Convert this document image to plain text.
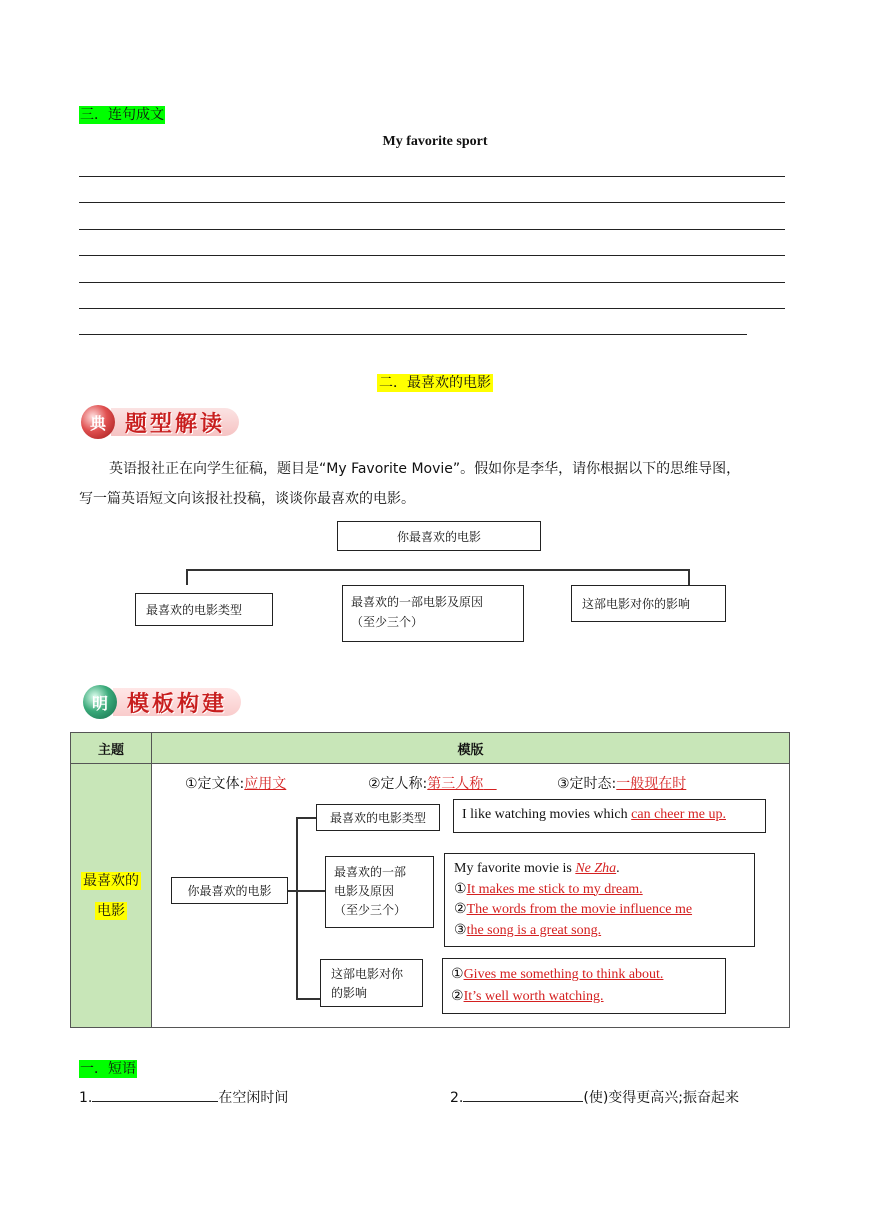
三．连句成文
My favorite sport
二．最喜欢的电影
题型解读
典
英语报社正在向学生征稿，题目是“My Favorite Movie”。假如你是李华，请你根据以下的思维导图，
写一篇英语短文向该报社投稿，谈谈你最喜欢的电影。
你最喜欢的电影
最喜欢的电影类型
最喜欢的一部电影及原因
（至少三个）
这部电影对你的影响
模板构建
明
主题	模版
最喜欢的
电影	
①定文体:应用文	②定人称:第三人称	③定时态:一般现在时
你最喜欢的电影
最喜欢的电影类型
最喜欢的一部
电影及原因
（至少三个）
这部电影对你
的影响
I like watching movies which can cheer me up.
My favorite movie is Ne Zha.
①It makes me stick to my dream.
②The words from the movie influence me
③the song is a great song.
①Gives me something to think about.
②It’s well worth watching.
一．短语
1.	在空闲时间	2.	(使)变得更高兴;振奋起来
